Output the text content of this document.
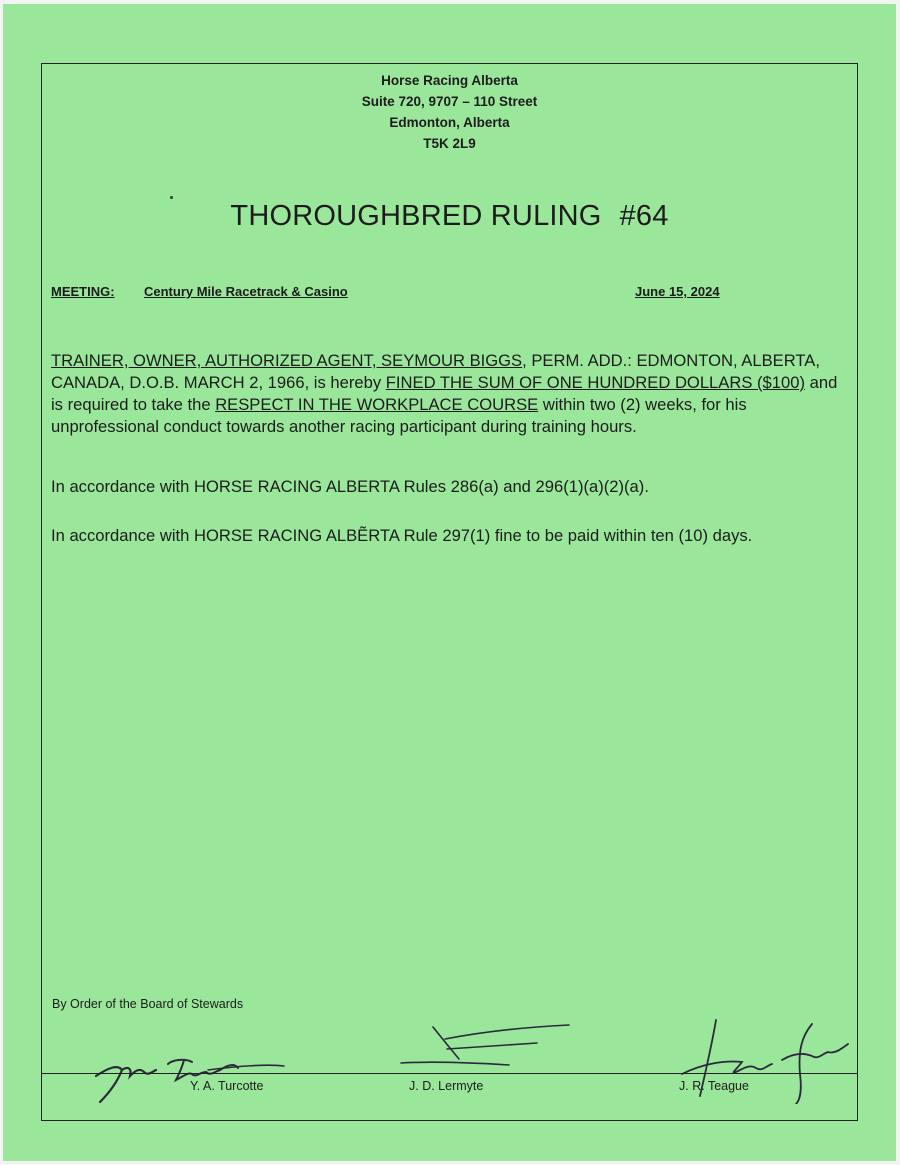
Horse Racing Alberta
Suite 720, 9707 – 110 Street
Edmonton, Alberta
T5K 2L9
THOROUGHBRED RULING #64
MEETING: Century Mile Racetrack & Casino	June 15, 2024
TRAINER, OWNER, AUTHORIZED AGENT, SEYMOUR BIGGS, PERM. ADD.: EDMONTON, ALBERTA, CANADA, D.O.B. MARCH 2, 1966, is hereby FINED THE SUM OF ONE HUNDRED DOLLARS ($100) and is required to take the RESPECT IN THE WORKPLACE COURSE within two (2) weeks, for his unprofessional conduct towards another racing participant during training hours.
In accordance with HORSE RACING ALBERTA Rules 286(a) and 296(1)(a)(2)(a).
In accordance with HORSE RACING ALBẼRTA Rule 297(1) fine to be paid within ten (10) days.
By Order of the Board of Stewards
Y. A. Turcotte	J. D. Lermyte	J. R. Teague
